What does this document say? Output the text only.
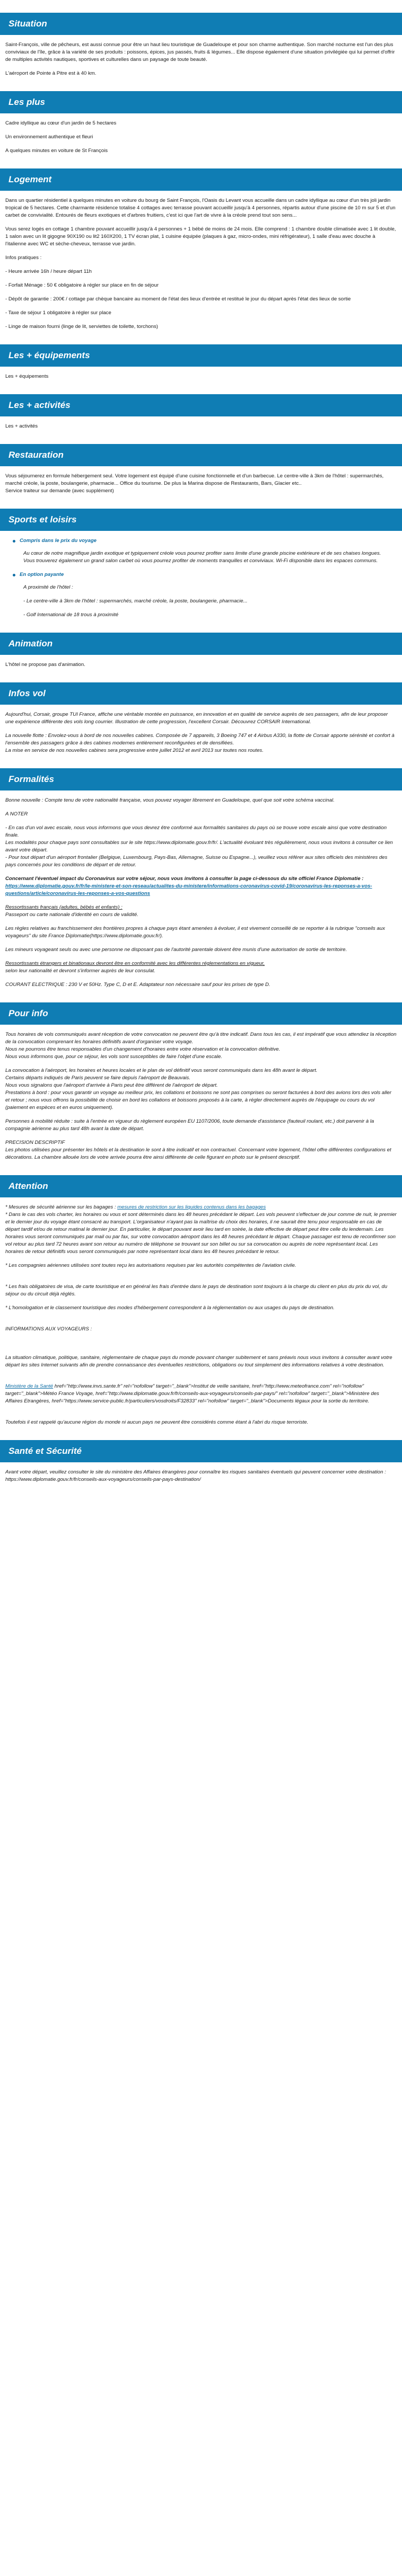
Situation

Saint-François, ville de pêcheurs, est aussi connue pour être un haut lieu touristique de Guadeloupe et pour son charme authentique. Son marché nocturne est l'un des plus conviviaux de l'île, grâce à la variété de ses produits : poissons, épices, jus passés, fruits & légumes... Elle dispose également d'une situation privilégiée qui lui permet d'offrir de multiples activités nautiques, sportives et culturelles dans un paysage de toute beauté.

L'aéroport de Pointe à Pitre est à 40 km.

Les plus

Cadre idyllique au cœur d'un jardin de 5 hectares

Un environnement authentique et fleuri

A quelques minutes en voiture de St François

Logement

Dans un quartier résidentiel à quelques minutes en voiture du bourg de Saint François, l'Oasis du Levant vous accueille dans un cadre idyllique au cœur d'un très joli jardin tropical de 5 hectares. Cette charmante résidence totalise 4 cottages avec terrasse pouvant accueillir jusqu'à 4 personnes, répartis autour d'une piscine de 10 m sur 5 et d'un carbet de convivialité. Entourés de fleurs exotiques et d'arbres fruitiers, c'est ici que l'art de vivre à la créole prend tout son sens...

Vous serez logés en cottage 1 chambre pouvant accueillir jusqu'à 4 personnes + 1 bébé de moins de 24 mois. Elle comprend : 1 chambre double climatisée avec 1 lit double, 1 salon avec un lit gigogne 90X190 ou lit2 160X200, 1 TV écran plat, 1 cuisine équipée (plaques à gaz, micro-ondes, mini réfrigérateur), 1 salle d'eau avec douche à l'italienne avec WC et sèche-cheveux, terrasse vue jardin.

Infos pratiques :

- Heure arrivée 16h / heure départ 11h

- Forfait Ménage : 50 € obligatoire à régler sur place en fin de séjour

- Dépôt de garantie : 200€ / cottage par chèque bancaire au moment de l'état des lieux d'entrée et restitué le jour du départ après l'état des lieux de sortie

- Taxe de séjour 1 obligatoire à régler sur place

- Linge de maison fourni (linge de lit, serviettes de toilette, torchons)

Les + équipements

Les + équipements

Les + activités

Les + activités

Restauration

Vous séjournerez en formule hébergement seul. Votre logement est équipé d'une cuisine fonctionnelle et d'un barbecue. Le centre-ville à 3km de l'hôtel : supermarchés, marché créole, la poste, boulangerie, pharmacie... Office du tourisme. De plus la Marina dispose de Restaurants, Bars, Glacier etc..

Service traiteur sur demande (avec supplément)

Sports et loisirs
Compris dans le prix du voyage

Au cœur de notre magnifique jardin exotique et typiquement créole vous pourrez profiter sans limite d'une grande piscine extérieure et de ses chaises longues. Vous trouverez également un grand salon carbet où vous pourrez profiter de moments tranquilles et conviviaux. Wi-Fi disponible dans les espaces communs.

En option payante

A proximité de l'hôtel :

- Le centre-ville à 3km de l'hôtel : supermarchés, marché créole, la poste, boulangerie, pharmacie...

- Golf International de 18 trous à proximité

Animation

L'hôtel ne propose pas d'animation.

Infos vol

Aujourd'hui, Corsair, groupe TUI France, affiche une véritable montée en puissance, en innovation et en qualité de service auprès de ses passagers, afin de leur proposer une expérience différente des vols long courrier. Illustration de cette progression, l'excellent Corsair. Découvrez CORSAIR International.

La nouvelle flotte : Envolez-vous à bord de nos nouvelles cabines. Composée de 7 appareils, 3 Boeing 747 et 4 Airbus A330, la flotte de Corsair apporte sérénité et confort à l'ensemble des passagers grâce à des cabines modernes entièrement reconfigurées et de densifiées.

La mise en service de nos nouvelles cabines sera progressive entre juillet 2012 et avril 2013 sur toutes nos routes.

Formalités

Bonne nouvelle : Compte tenu de votre nationalité française, vous pouvez voyager librement en Guadeloupe, quel que soit votre schéma vaccinal.

A NOTER

- En cas d'un vol avec escale, nous vous informons que vous devrez être conformé aux formalités sanitaires du pays où se trouve votre escale ainsi que votre destination finale.

Les modalités pour chaque pays sont consultables sur le site https://www.diplomatie.gouv.fr/fr/. L'actualité évoluant très régulièrement, nous vous invitons à consulter ce lien avant votre départ.

- Pour tout départ d'un aéroport frontalier (Belgique, Luxembourg, Pays-Bas, Allemagne, Suisse ou Espagne...), veuillez vous référer aux sites officiels des ministères des pays concernés pour les conditions de départ et de retour.

Concernant l'éventuel impact du Coronavirus sur votre séjour, nous vous invitons à consulter la page ci-dessous du site officiel France Diplomatie :

https://www.diplomatie.gouv.fr/fr/le-ministere-et-son-reseau/actualites-du-ministere/informations-coronavirus-covid-19/coronavirus-les-reponses-a-vos-questions/article/coronavirus-les-reponses-a-vos-questions

Ressortissants français (adultes, bébés et enfants) :

Passeport ou carte nationale d'identité en cours de validité.

Les règles relatives au franchissement des frontières propres à chaque pays étant amenées à évoluer, il est vivement conseillé de se reporter à la rubrique "conseils aux voyageurs" du site France Diplomatie(https://www.diplomatie.gouv.fr/).

Les mineurs voyageant seuls ou avec une personne ne disposant pas de l'autorité parentale doivent être munis d'une autorisation de sortie de territoire.

Ressortissants étrangers et binationaux devront être en conformité avec les différentes réglementations en vigueur,

selon leur nationalité et devront s'informer auprès de leur consulat.

COURANT ELECTRIQUE : 230 V et 50Hz. Type C, D et E. Adaptateur non nécessaire sauf pour les prises de type D.

Pour info

Tous horaires de vols communiqués avant réception de votre convocation ne peuvent être qu'à titre indicatif. Dans tous les cas, il est impératif que vous attendiez la réception de la convocation comprenant les horaires définitifs avant d'organiser votre voyage.

Nous ne pourrons être tenus responsables d'un changement d'horaires entre votre réservation et la convocation définitive.

Nous vous informons que, pour ce séjour, les vols sont susceptibles de faire l'objet d'une escale.

La convocation à l'aéroport, les horaires et heures locales et le plan de vol définitif vous seront communiqués dans les 48h avant le départ.

Certains départs indiqués de Paris peuvent se faire depuis l'aéroport de Beauvais.

Nous vous signalons que l'aéroport d'arrivée à Paris peut être différent de l'aéroport de départ.

Prestations à bord : pour vous garantir un voyage au meilleur prix, les collations et boissons ne sont pas comprises ou seront facturées à bord des avions lors des vols aller et retour ; nous vous offrons la possibilité de choisir en bord les collations et boissons proposés à la carte, à régler directement auprès de l'équipage ou cours du vol (paiement en espèces et en euros uniquement).

Personnes à mobilité réduite : suite à l'entrée en vigueur du règlement européen EU 1107/2006, toute demande d'assistance (fauteuil roulant, etc.) doit parvenir à la compagnie aérienne au plus tard 48h avant la date de départ.

PRECISION DESCRIPTIF

Les photos utilisées pour présenter les hôtels et la destination le sont à titre indicatif et non contractuel. Concernant votre logement, l'hôtel offre différentes configurations et décorations. La chambre allouée lors de votre arrivée pourra être ainsi différente de celle figurant en photo sur le présent descriptif.

Attention

* Mesures de sécurité aérienne sur les bagages : mesures de restriction sur les liquides contenus dans les bagages

* Dans le cas des vols charter, les horaires ou vous et sont déterminés dans les 48 heures précédant le départ. Les vols peuvent s'effectuer de jour comme de nuit, le premier et le dernier jour du voyage étant consacré au transport. L'organisateur n'ayant pas la maîtrise du choix des horaires, il ne saurait être tenu pour responsable en cas de départ tardif et/ou de retour matinal le dernier jour. En particulier, le départ pouvant avoir lieu tard en soirée, la date effective de départ peut être celle du lendemain. Les horaires vous seront communiqués par mail ou par fax, sur votre convocation aéroport dans les 48 heures précédant le départ. Chaque passager est tenu de reconfirmer son vol retour au plus tard 72 heures avant son retour au numéro de téléphone se trouvant sur son billet ou sur sa convocation ou auprès de notre représentant local. Les horaires de retour définitifs vous seront communiqués par notre représentant local dans les 48 heures précédant le retour.

* Les compagnies aériennes utilisées sont toutes reçu les autorisations requises par les autorités compétentes de l'aviation civile.

* Les frais obligatoires de visa, de carte touristique et en général les frais d'entrée dans le pays de destination sont toujours à la charge du client en plus du prix du vol, du séjour ou du circuit déjà réglés.

* L'homologation et le classement touristique des modes d'hébergement correspondent à la réglementation ou aux usages du pays de destination.

INFORMATIONS AUX VOYAGEURS :

La situation climatique, politique, sanitaire, réglementaire de chaque pays du monde pouvant changer subitement et sans préavis nous vous invitons à consulter avant votre départ les sites Internet suivants afin de prendre connaissance des éventuelles restrictions, obligations ou tout simplement des informations relatives à votre destination.

Ministère de la Santé href="http://www.invs.sante.fr" rel="nofollow" target="_blank">Institut de veille sanitaire, href="http://www.meteofrance.com" rel="nofollow" target="_blank">Météo France Voyage, href="http://www.diplomatie.gouv.fr/fr/conseils-aux-voyageurs/conseils-par-pays/" rel="nofollow" target="_blank">Ministère des Affaires Etrangères, href="https://www.service-public.fr/particuliers/vosdroits/F32833" rel="nofollow" target="_blank">Documents légaux pour la sortie du territoire.

Toutefois il est rappelé qu'aucune région du monde ni aucun pays ne peuvent être considérés comme étant à l'abri du risque terroriste.

Santé et Sécurité

Avant votre départ, veuillez consulter le site du ministère des Affaires étrangères pour connaître les risques sanitaires éventuels qui peuvent concerner votre destination : https://www.diplomatie.gouv.fr/fr/conseils-aux-voyageurs/conseils-par-pays-destination/
